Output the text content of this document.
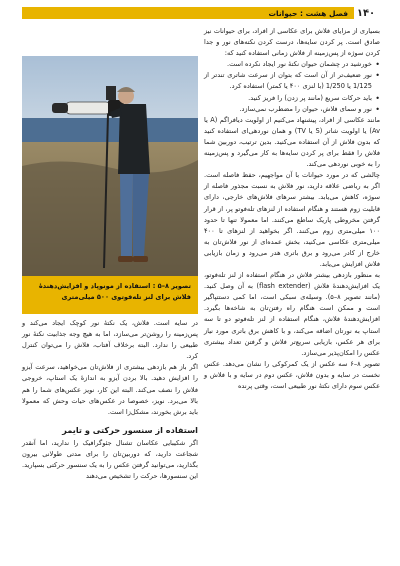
۱۴۰
فصل هشت : حیوانات

بسیاری از مزایای فلاش برای عکاسی از افراد، برای حیوانات نیز صادق است. پر کردن سایه‌ها، درست کردن نکته‌های نور و جدا کردن سوژه از پس‌زمینه از فلاش زمانی استفاده کنید که:

• خورشید در چشمان حیوان نکتهٔ نور ایجاد نکرده است.
• نور ضعیف‌تر از آن است که بتوان از سرعت شاتری تندتر از 1/125 یا 1/250 (با لنزی ۴۰۰ یا کمتر) استفاده کرد.
• باید حرکات سریع (مانند پر زدن) را فریز کنید.
• نور و سمای فلاش، حیوان را مضطرب نمی‌سازد.

مانند عکاسی از افراد، پیشنهاد می‌کنیم از اولویت دیافراگم (A یا Av) یا اولویت شاتر (S یا TV) و همان نوردهی‌ای استفاده کنید که بدون فلاش از آن استفاده می‌کنید. بدین ترتیب، دوربین شما فلاش را فقط برای پر کردن سایه‌ها به کار می‌گیرد و پس‌زمینه را به خوبی نوردهی می‌کند.

چالشی که در مورد حیوانات با آن مواجهیم، حفظ فاصله است. اگر به ریاضی علاقه دارید، نور فلاش به نسبت مجذور فاصله از سوژه، کاهش می‌یابد. بیشتر سرهای فلاش‌های خارجی، دارای قابلیت زوم هستند و هنگام استفاده از لنزهای تله‌فوتو پر، از قرار گرفتن مخروطی پاریک ساطع می‌کنند. اما معمولا تنها تا حدود ۱۰۰ میلی‌متری زوم می‌کنند. اگر بخواهید از لنزهای تا ۴۰۰ میلی‌متری عکاسی می‌کنید، بخش عمده‌ای از نور فلاش‌تان به خارج از کادر می‌رود و برق باتری هدر می‌رود و زمان بازیابی فلاش افزایش می‌یابد.

به منظور بازدهی بیشتر فلاش در هنگام استفاده از لنز تله‌فوتو، یک افزایش‌دهندهٔ فلاش (flash extender) به آن وصل کنید. (مانند تصویر ۸–۵). وسیله‌ی سبکی است، اما کمی دستتپاگیر است و ممکن است هنگام راه رفتن‌تان به شاخه‌ها بگیرد. افزایش‌دهندهٔ فلاش، هنگام استفاده از لنز تله‌فوتو دو تا سه استاپ به نورتان اضافه می‌کند، و با کاهش برق باتری مورد نیاز برای هر عکس، بازیابی سریع‌تر فلاش و گرفتن تعداد بیشتری عکس را امکان‌پذیر می‌سازد.

تصویر ۸–۶ سه عکس از یک کمرکوکی را نشان می‌دهد. عکس نخست در سایه و بدون فلاش، عکس دوم در سایه و با فلاش و عکس سوم دارای نکتهٔ نور طبیعی است، وقتی پرنده

تصویر ۸–۵ : استفاده از مونوپاد و افزایش‌دهندهٔ فلاش برای لنز تله‌فوتوی ۵۰۰ میلی‌متری

در سایه است. فلاش، یک نکتهٔ نور کوچک ایجاد می‌کند و پس‌زمینه را روشن‌تر می‌سازد، اما به هیچ وجه جذابیت نکتهٔ نور طبیعی را ندارد. البته برخلاف آفتاب، فلاش را می‌توان کنترل کرد.

اگر باز هم بازدهی بیشتری از فلاش‌تان می‌خواهید، سرعت آیزو را افزایش دهید. بالا بردن آیزو به اندازهٔ یک استاپ، خروجی فلاش را نصف می‌کند. البته این کار، نویز عکس‌های شما را هم بالا می‌برد. نویز، خصوصا در عکس‌های حیات وحش که معمولا باید برش بخورند، مشکل‌زا است.

استفاده از سنسور حرکتی و تایمر

اگر شکیبایی عکاسان تشنال جئوگرافیک را ندارید، اما آنقدر شجاعت دارید، که دوربین‌تان را برای مدتی طولانی بیرون بگذارید، می‌توانید گرفتن عکس را به یک سنسور حرکتی بسپارید. این سنسورها، حرکت را تشخیص می‌دهند
